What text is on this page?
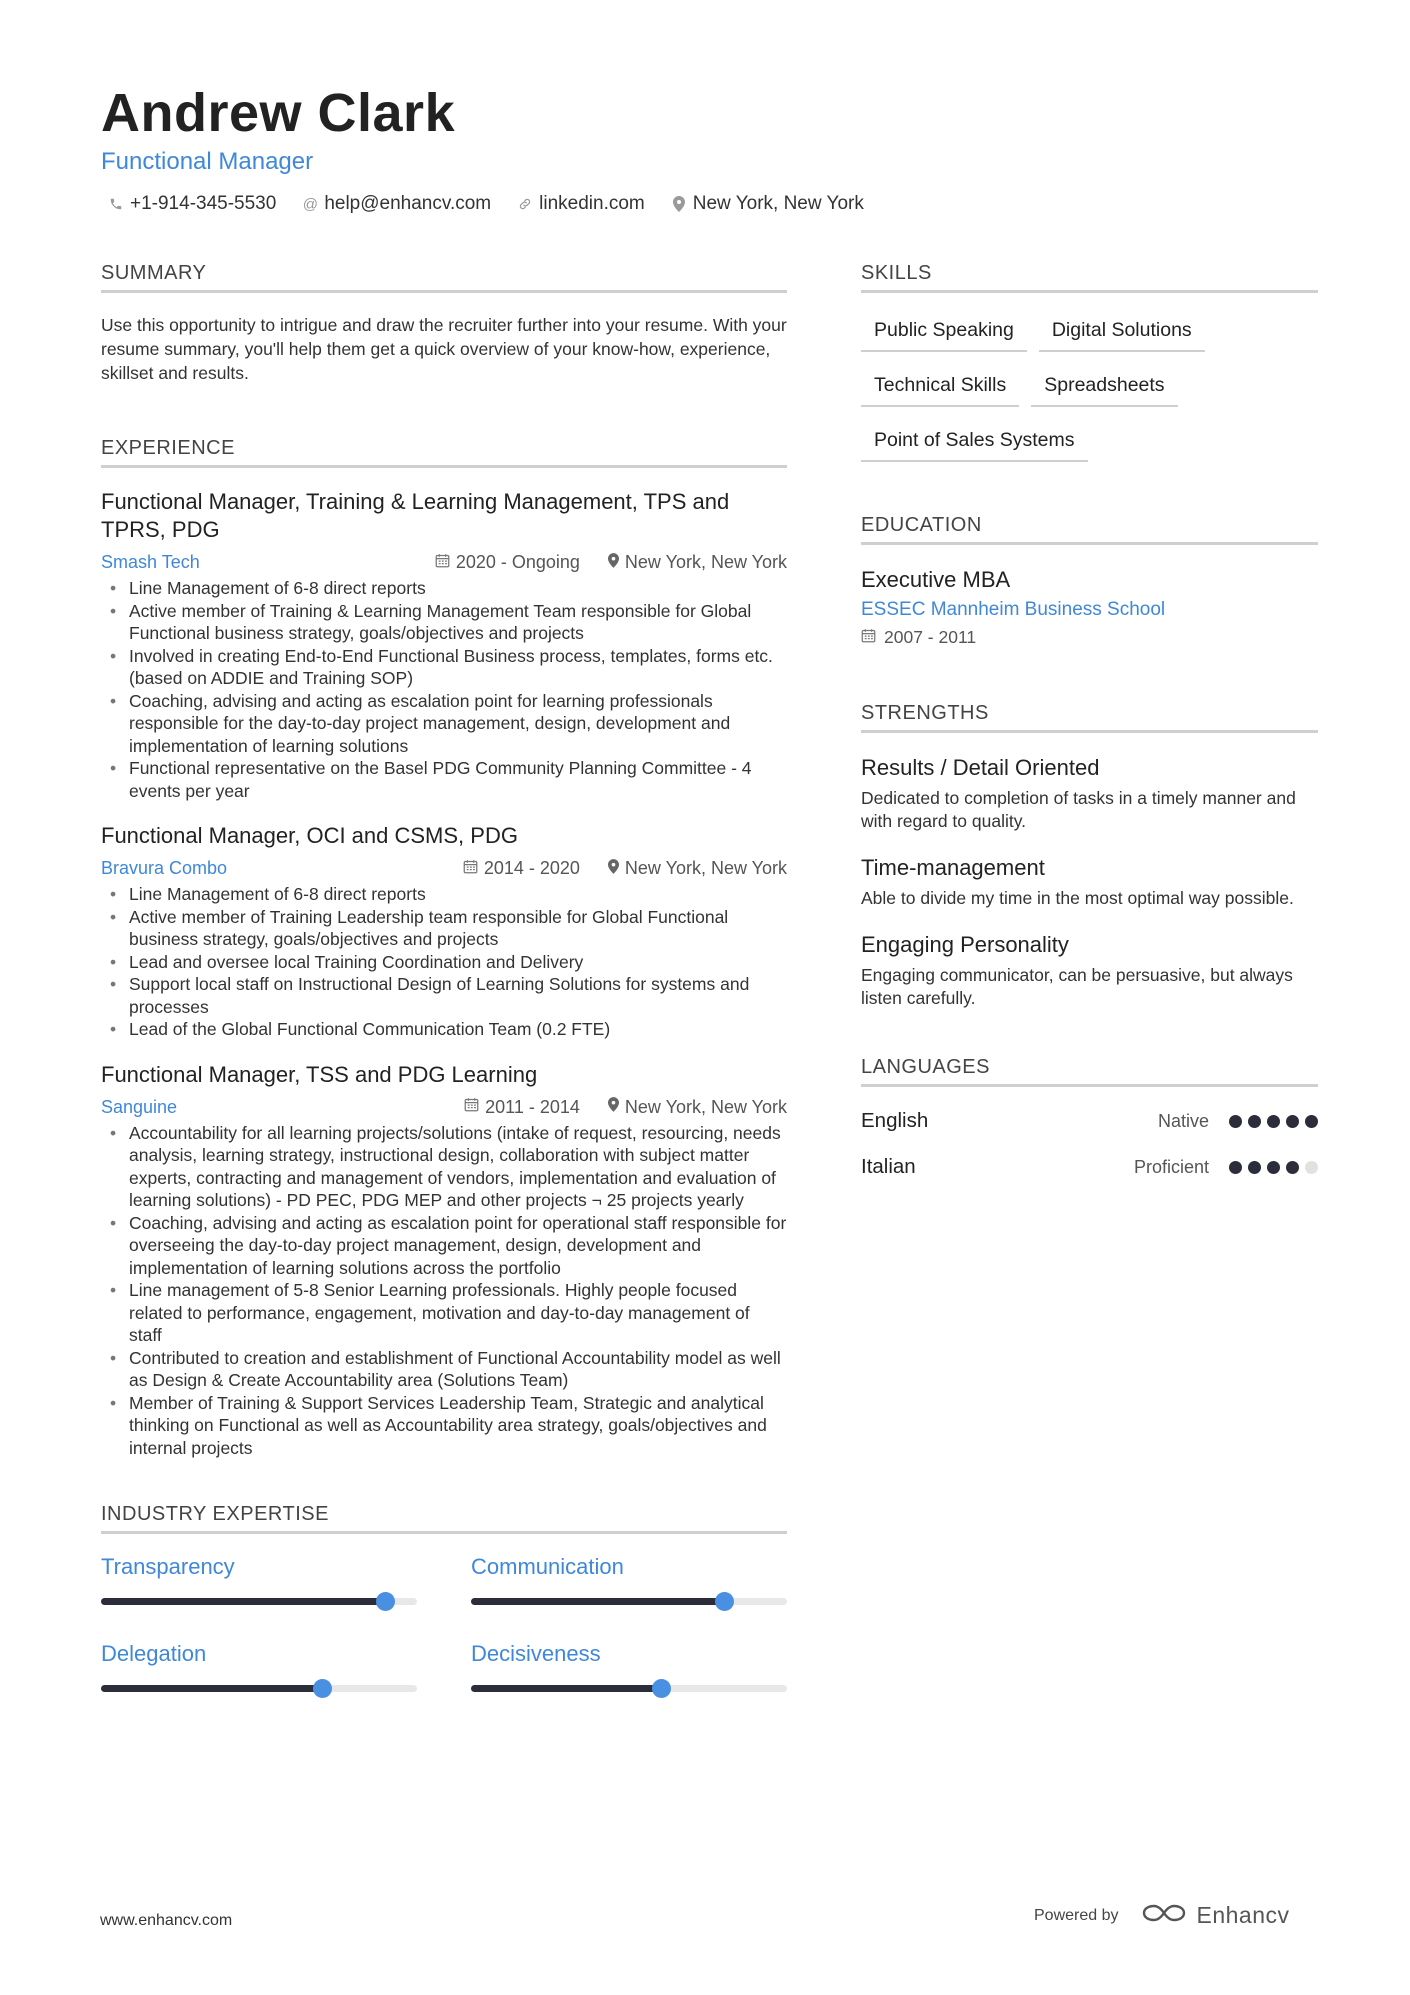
Andrew Clark
Functional Manager
+1-914-345-5530 @ help@enhancv.com	linkedin.com	New York, New York
SUMMARY
Use this opportunity to intrigue and draw the recruiter further into your resume. With your resume summary, you'll help them get a quick overview of your know-how, experience, skillset and results.
EXPERIENCE
Functional Manager, Training & Learning Management, TPS and TPRS, PDG
Smash Tech	2020 - Ongoing	New York, New York
• Line Management of 6-8 direct reports
• Active member of Training & Learning Management Team responsible for Global Functional business strategy, goals/objectives and projects
• Involved in creating End-to-End Functional Business process, templates, forms etc. (based on ADDIE and Training SOP)
• Coaching, advising and acting as escalation point for learning professionals responsible for the day-to-day project management, design, development and implementation of learning solutions
• Functional representative on the Basel PDG Community Planning Committee - 4 events per year
Functional Manager, OCI and CSMS, PDG
Bravura Combo	2014 - 2020	New York, New York
• Line Management of 6-8 direct reports
• Active member of Training Leadership team responsible for Global Functional business strategy, goals/objectives and projects
• Lead and oversee local Training Coordination and Delivery
• Support local staff on Instructional Design of Learning Solutions for systems and processes
• Lead of the Global Functional Communication Team (0.2 FTE)
Functional Manager, TSS and PDG Learning
Sanguine	2011 - 2014	New York, New York
• Accountability for all learning projects/solutions (intake of request, resourcing, needs analysis, learning strategy, instructional design, collaboration with subject matter experts, contracting and management of vendors, implementation and evaluation of learning solutions) - PD PEC, PDG MEP and other projects ¬ 25 projects yearly
• Coaching, advising and acting as escalation point for operational staff responsible for overseeing the day-to-day project management, design, development and implementation of learning solutions across the portfolio
• Line management of 5-8 Senior Learning professionals. Highly people focused related to performance, engagement, motivation and day-to-day management of staff
• Contributed to creation and establishment of Functional Accountability model as well as Design & Create Accountability area (Solutions Team)
• Member of Training & Support Services Leadership Team, Strategic and analytical thinking on Functional as well as Accountability area strategy, goals/objectives and internal projects
INDUSTRY EXPERTISE
Transparency	Communication
Delegation	Decisiveness
SKILLS
Public Speaking	Digital Solutions
Technical Skills	Spreadsheets
Point of Sales Systems
EDUCATION
Executive MBA
ESSEC Mannheim Business School
2007 - 2011
STRENGTHS
Results / Detail Oriented
Dedicated to completion of tasks in a timely manner and with regard to quality.
Time-management
Able to divide my time in the most optimal way possible.
Engaging Personality
Engaging communicator, can be persuasive, but always listen carefully.
LANGUAGES
English	Native
Italian	Proficient
www.enhancv.com	Powered by	Enhancv
